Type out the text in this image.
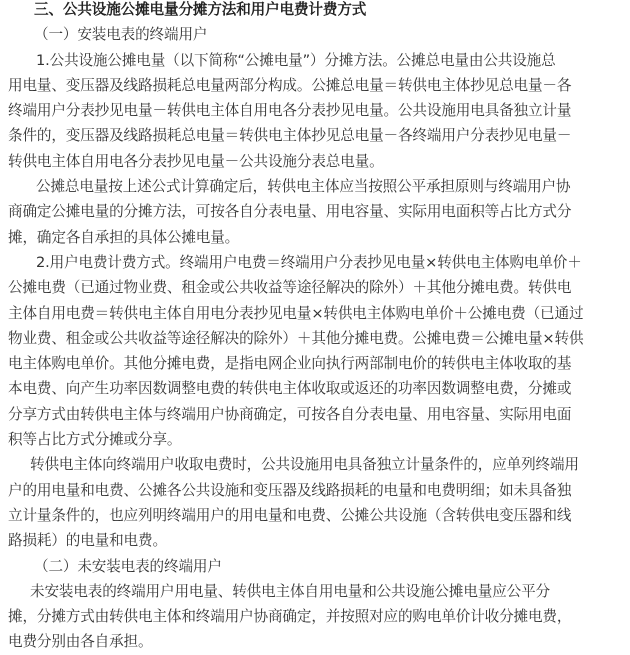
三、公共设施公摊电量分摊方法和用户电费计费方式
（一）安装电表的终端用户
1.公共设施公摊电量（以下简称“公摊电量”）分摊方法。公摊总电量由公共设施总
用电量、变压器及线路损耗总电量两部分构成。公摊总电量＝转供电主体抄见总电量－各
终端用户分表抄见电量－转供电主体自用电各分表抄见电量。公共设施用电具备独立计量
条件的，变压器及线路损耗总电量＝转供电主体抄见总电量－各终端用户分表抄见电量－
转供电主体自用电各分表抄见电量－公共设施分表总电量。
公摊总电量按上述公式计算确定后，转供电主体应当按照公平承担原则与终端用户协
商确定公摊电量的分摊方法，可按各自分表电量、用电容量、实际用电面积等占比方式分
摊，确定各自承担的具体公摊电量。
2.用户电费计费方式。终端用户电费＝终端用户分表抄见电量×转供电主体购电单价＋
公摊电费（已通过物业费、租金或公共收益等途径解决的除外）＋其他分摊电费。转供电
主体自用电费＝转供电主体自用电分表抄见电量×转供电主体购电单价＋公摊电费（已通过
物业费、租金或公共收益等途径解决的除外）＋其他分摊电费。公摊电费＝公摊电量×转供
电主体购电单价。其他分摊电费，是指电网企业向执行两部制电价的转供电主体收取的基
本电费、向产生功率因数调整电费的转供电主体收取或返还的功率因数调整电费，分摊或
分享方式由转供电主体与终端用户协商确定，可按各自分表电量、用电容量、实际用电面
积等占比方式分摊或分享。
转供电主体向终端用户收取电费时，公共设施用电具备独立计量条件的，应单列终端用
户的用电量和电费、公摊各公共设施和变压器及线路损耗的电量和电费明细；如未具备独
立计量条件的，也应列明终端用户的用电量和电费、公摊公共设施（含转供电变压器和线
路损耗）的电量和电费。
（二）未安装电表的终端用户
未安装电表的终端用户用电量、转供电主体自用电量和公共设施公摊电量应公平分
摊，分摊方式由转供电主体和终端用户协商确定，并按照对应的购电单价计收分摊电费，
电费分别由各自承担。
